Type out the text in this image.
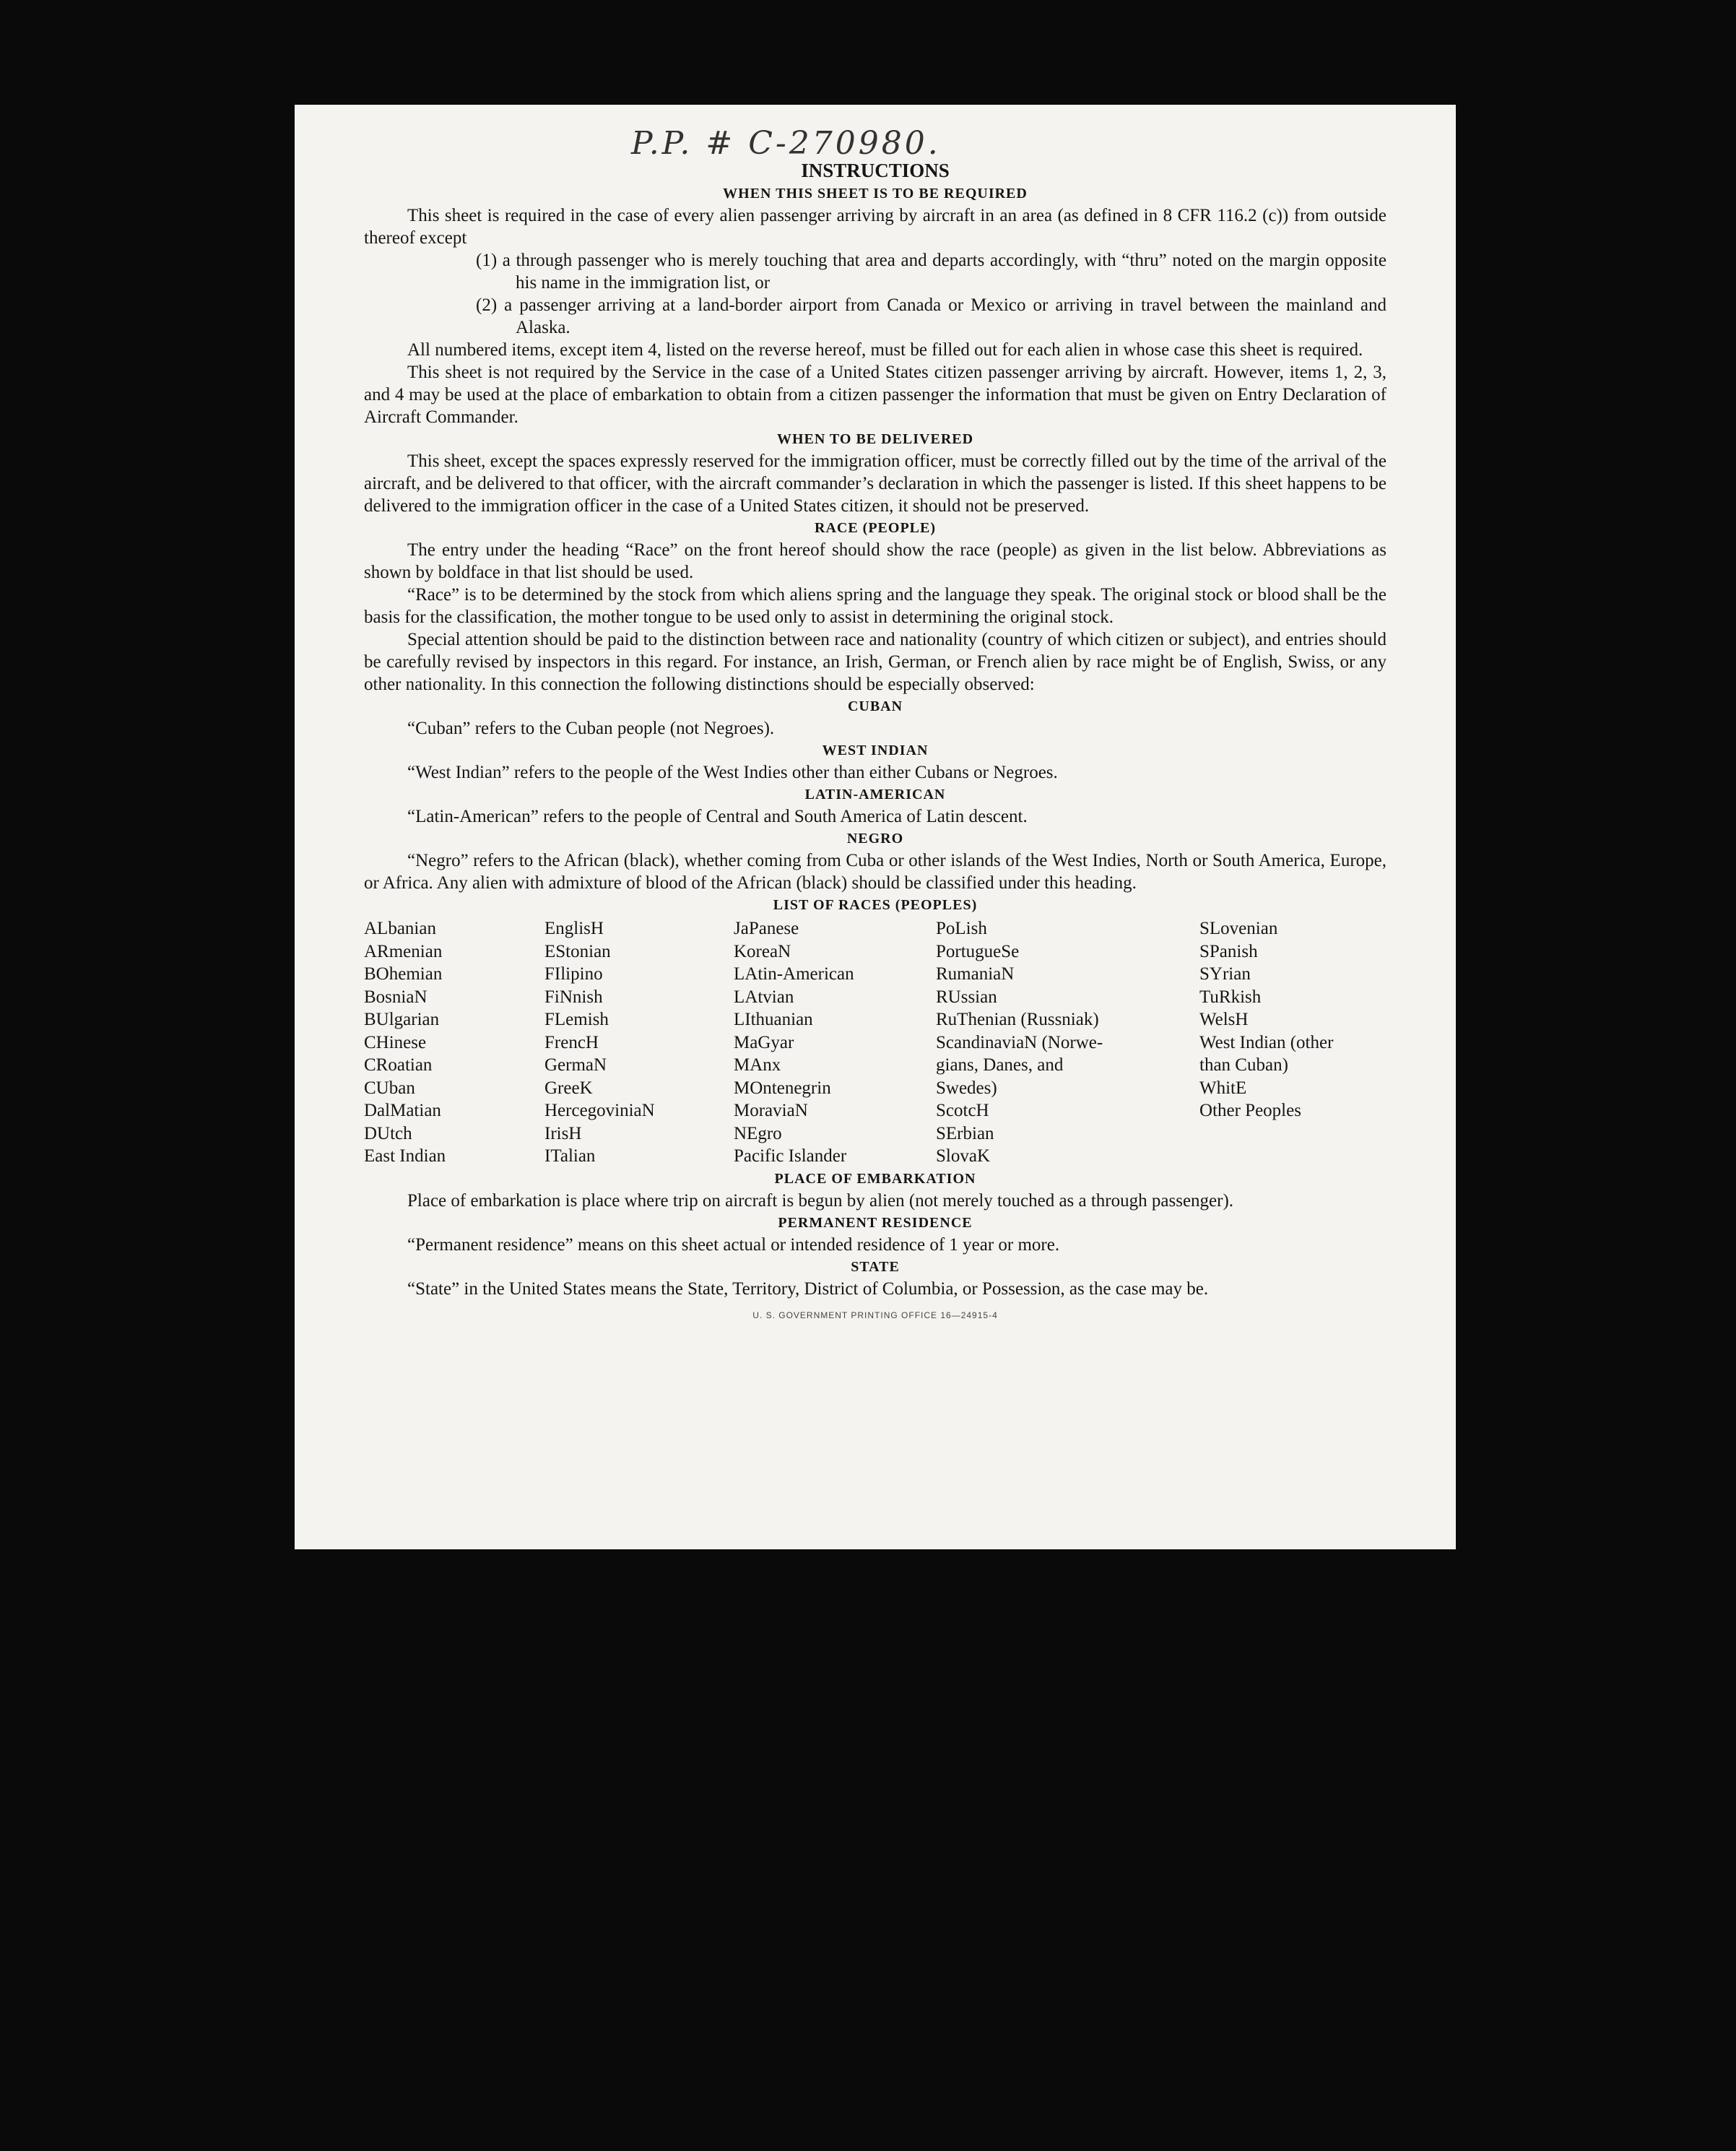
P.P. # C-270980.
INSTRUCTIONS
WHEN THIS SHEET IS TO BE REQUIRED

This sheet is required in the case of every alien passenger arriving by aircraft in an area (as defined in 8 CFR 116.2 (c)) from outside thereof except

(1) a through passenger who is merely touching that area and departs accordingly, with “thru” noted on the margin opposite his name in the immigration list, or
(2) a passenger arriving at a land-border airport from Canada or Mexico or arriving in travel between the mainland and Alaska.

All numbered items, except item 4, listed on the reverse hereof, must be filled out for each alien in whose case this sheet is required.

This sheet is not required by the Service in the case of a United States citizen passenger arriving by aircraft. However, items 1, 2, 3, and 4 may be used at the place of embarkation to obtain from a citizen passenger the information that must be given on Entry Declaration of Aircraft Commander.

WHEN TO BE DELIVERED

This sheet, except the spaces expressly reserved for the immigration officer, must be correctly filled out by the time of the arrival of the aircraft, and be delivered to that officer, with the aircraft commander’s declaration in which the passenger is listed. If this sheet happens to be delivered to the immigration officer in the case of a United States citizen, it should not be preserved.

RACE (PEOPLE)

The entry under the heading “Race” on the front hereof should show the race (people) as given in the list below. Abbreviations as shown by boldface in that list should be used.

“Race” is to be determined by the stock from which aliens spring and the language they speak. The original stock or blood shall be the basis for the classification, the mother tongue to be used only to assist in determining the original stock.

Special attention should be paid to the distinction between race and nationality (country of which citizen or subject), and entries should be carefully revised by inspectors in this regard. For instance, an Irish, German, or French alien by race might be of English, Swiss, or any other nationality. In this connection the following distinctions should be especially observed:

CUBAN

“Cuban” refers to the Cuban people (not Negroes).

WEST INDIAN

“West Indian” refers to the people of the West Indies other than either Cubans or Negroes.

LATIN-AMERICAN

“Latin-American” refers to the people of Central and South America of Latin descent.

NEGRO

“Negro” refers to the African (black), whether coming from Cuba or other islands of the West Indies, North or South America, Europe, or Africa. Any alien with admixture of blood of the African (black) should be classified under this heading.

LIST OF RACES (PEOPLES)
ALbanian
ARmenian
BOhemian
BosniaN
BUlgarian
CHinese
CRoatian
CUban
DalMatian
DUtch
East Indian
EnglisH
EStonian
FIlipino
FiNnish
FLemish
FrencH
GermaN
GreeK
HercegoviniaN
IrisH
ITalian
JaPanese
KoreaN
LAtin-American
LAtvian
LIthuanian
MaGyar
MAnx
MOntenegrin
MoraviaN
NEgro
Pacific Islander
PoLish
PortugueSe
RumaniaN
RUssian
RuThenian (Russniak)
ScandinaviaN (Norwe-
gians, Danes, and
Swedes)
ScotcH
SErbian
SlovaK
SLovenian
SPanish
SYrian
TuRkish
WelsH
West Indian (other
than Cuban)
WhitE
Other Peoples
PLACE OF EMBARKATION

Place of embarkation is place where trip on aircraft is begun by alien (not merely touched as a through passenger).

PERMANENT RESIDENCE

“Permanent residence” means on this sheet actual or intended residence of 1 year or more.

STATE

“State” in the United States means the State, Territory, District of Columbia, or Possession, as the case may be.

U. S. GOVERNMENT PRINTING OFFICE 16—24915-4
